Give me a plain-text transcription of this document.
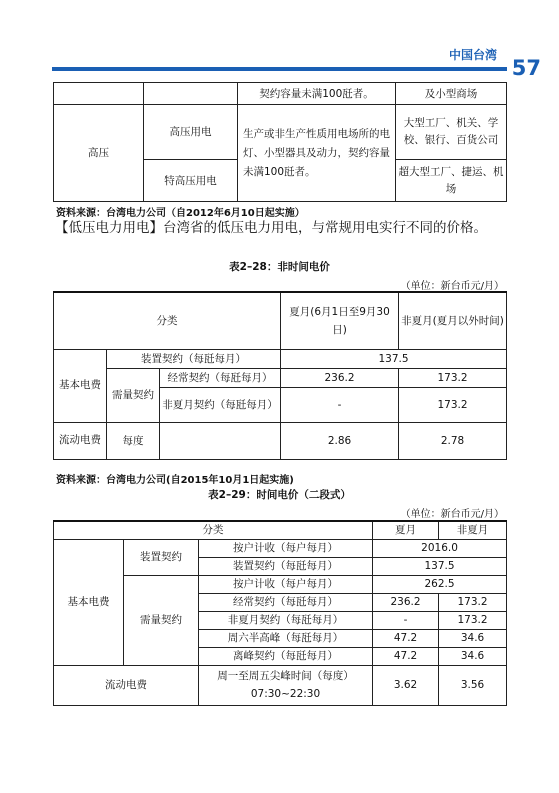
中国台湾
57
		契约容量未满100瓩者。	及小型商场
高压	高压用电	生产或非生产性质用电场所的电灯、小型器具及动力，契约容量未满100瓩者。	大型工厂、机关、学校、银行、百货公司
	特高压用电		超大型工厂、捷运、机场
资料来源：台湾电力公司（自2012年6月10日起实施）
【低压电力用电】台湾省的低压电力用电，与常规用电实行不同的价格。
表2–28：非时间电价
（单位：新台币元/月）
分类			夏月(6月1日至9月30日)	非夏月(夏月以外时间)
基本电费	装置契约（每瓩每月）		137.5	
	需量契约	经常契约（每瓩每月）	236.2	173.2
		非夏月契约（每瓩每月）	-	173.2
流动电费	每度		2.86	2.78
资料来源：台湾电力公司(自2015年10月1日起实施)
表2–29：时间电价（二段式）
（单位：新台币元/月）
分类			夏月	非夏月
基本电费	装置契约	按户计收（每户每月）	2016.0	
		装置契约（每瓩每月）	137.5	
	需量契约	按户计收（每户每月）	262.5	
		经常契约（每瓩每月）	236.2	173.2
		非夏月契约（每瓩每月）	-	173.2
		周六半高峰（每瓩每月）	47.2	34.6
		离峰契约（每瓩每月）	47.2	34.6
流动电费		周一至周五尖峰时间（每度）07:30~22:30	3.62	3.56
